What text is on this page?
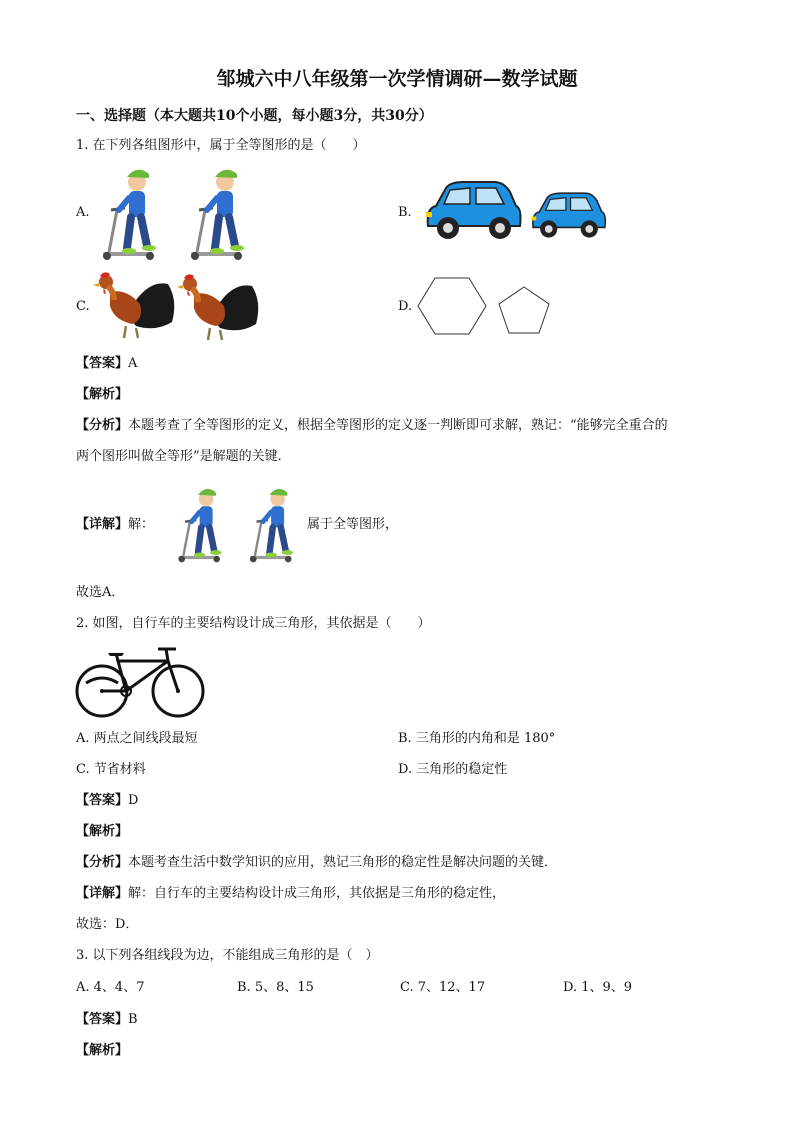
邹城六中八年级第一次学情调研—数学试题
一、选择题（本大题共10个小题，每小题3分，共30分）
1. 在下列各组图形中，属于全等图形的是（　　）
A.	B.
C.	D.
【答案】A
【解析】
【分析】本题考查了全等图形的定义，根据全等图形的定义逐一判断即可求解，熟记：“能够完全重合的
两个图形叫做全等形”是解题的关键．
【详解】解：	属于全等图形，
故选A．
2. 如图，自行车的主要结构设计成三角形，其依据是（　　）
A. 两点之间线段最短	B. 三角形的内角和是 180°
C. 节省材料	D. 三角形的稳定性
【答案】D
【解析】
【分析】本题考查生活中数学知识的应用，熟记三角形的稳定性是解决问题的关键．
【详解】解：自行车的主要结构设计成三角形，其依据是三角形的稳定性，
故选：D．
3. 以下列各组线段为边，不能组成三角形的是（　）
A. 4、4、7	B. 5、8、15	C. 7、12、17	D. 1、9、9
【答案】B
【解析】
